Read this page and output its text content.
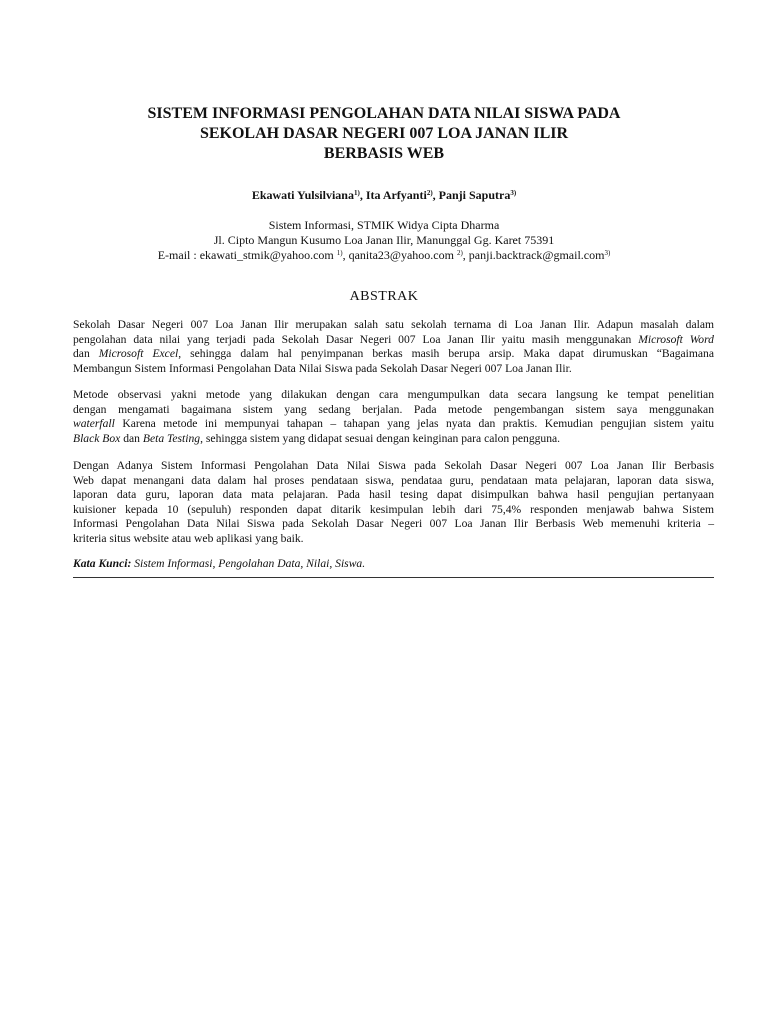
SISTEM INFORMASI PENGOLAHAN DATA NILAI SISWA PADA
SEKOLAH DASAR NEGERI 007 LOA JANAN ILIR
BERBASIS WEB
Ekawati Yulsilviana$^{1)}$, Ita Arfyanti$^{2)}$, Panji Saputra$^{3)}$
Sistem Informasi, STMIK Widya Cipta Dharma
Jl. Cipto Mangun Kusumo Loa Janan Ilir, Manunggal Gg. Karet 75391
E-mail : ekawati_stmik@yahoo.com $^{1)}$, qanita23@yahoo.com $^{2)}$, panji.backtrack@gmail.com$^{3)}$
ABSTRAK
Sekolah Dasar Negeri 007 Loa Janan Ilir merupakan salah satu sekolah ternama di Loa Janan Ilir. Adapun masalah dalam
pengolahan data nilai yang terjadi pada Sekolah Dasar Negeri 007 Loa Janan Ilir yaitu masih menggunakan Microsoft Word
dan Microsoft Excel, sehingga dalam hal penyimpanan berkas masih berupa arsip. Maka dapat dirumuskan “Bagaimana
Membangun Sistem Informasi Pengolahan Data Nilai Siswa pada Sekolah Dasar Negeri 007 Loa Janan Ilir.
Metode observasi yakni metode yang dilakukan dengan cara mengumpulkan data secara langsung ke tempat penelitian
dengan mengamati bagaimana sistem yang sedang berjalan. Pada metode pengembangan sistem saya menggunakan
waterfall Karena metode ini mempunyai tahapan – tahapan yang jelas nyata dan praktis. Kemudian pengujian sistem yaitu
Black Box dan Beta Testing, sehingga sistem yang didapat sesuai dengan keinginan para calon pengguna.
Dengan Adanya Sistem Informasi Pengolahan Data Nilai Siswa pada Sekolah Dasar Negeri 007 Loa Janan Ilir Berbasis
Web dapat menangani data dalam hal proses pendataan siswa, pendataa guru, pendataan mata pelajaran, laporan data siswa,
laporan data guru, laporan data mata pelajaran. Pada hasil tesing dapat disimpulkan bahwa hasil pengujian pertanyaan
kuisioner kepada 10 (sepuluh) responden dapat ditarik kesimpulan lebih dari 75,4% responden menjawab bahwa Sistem
Informasi Pengolahan Data Nilai Siswa pada Sekolah Dasar Negeri 007 Loa Janan Ilir Berbasis Web memenuhi kriteria –
kriteria situs website atau web aplikasi yang baik.
Kata Kunci: Sistem Informasi, Pengolahan Data, Nilai, Siswa.
